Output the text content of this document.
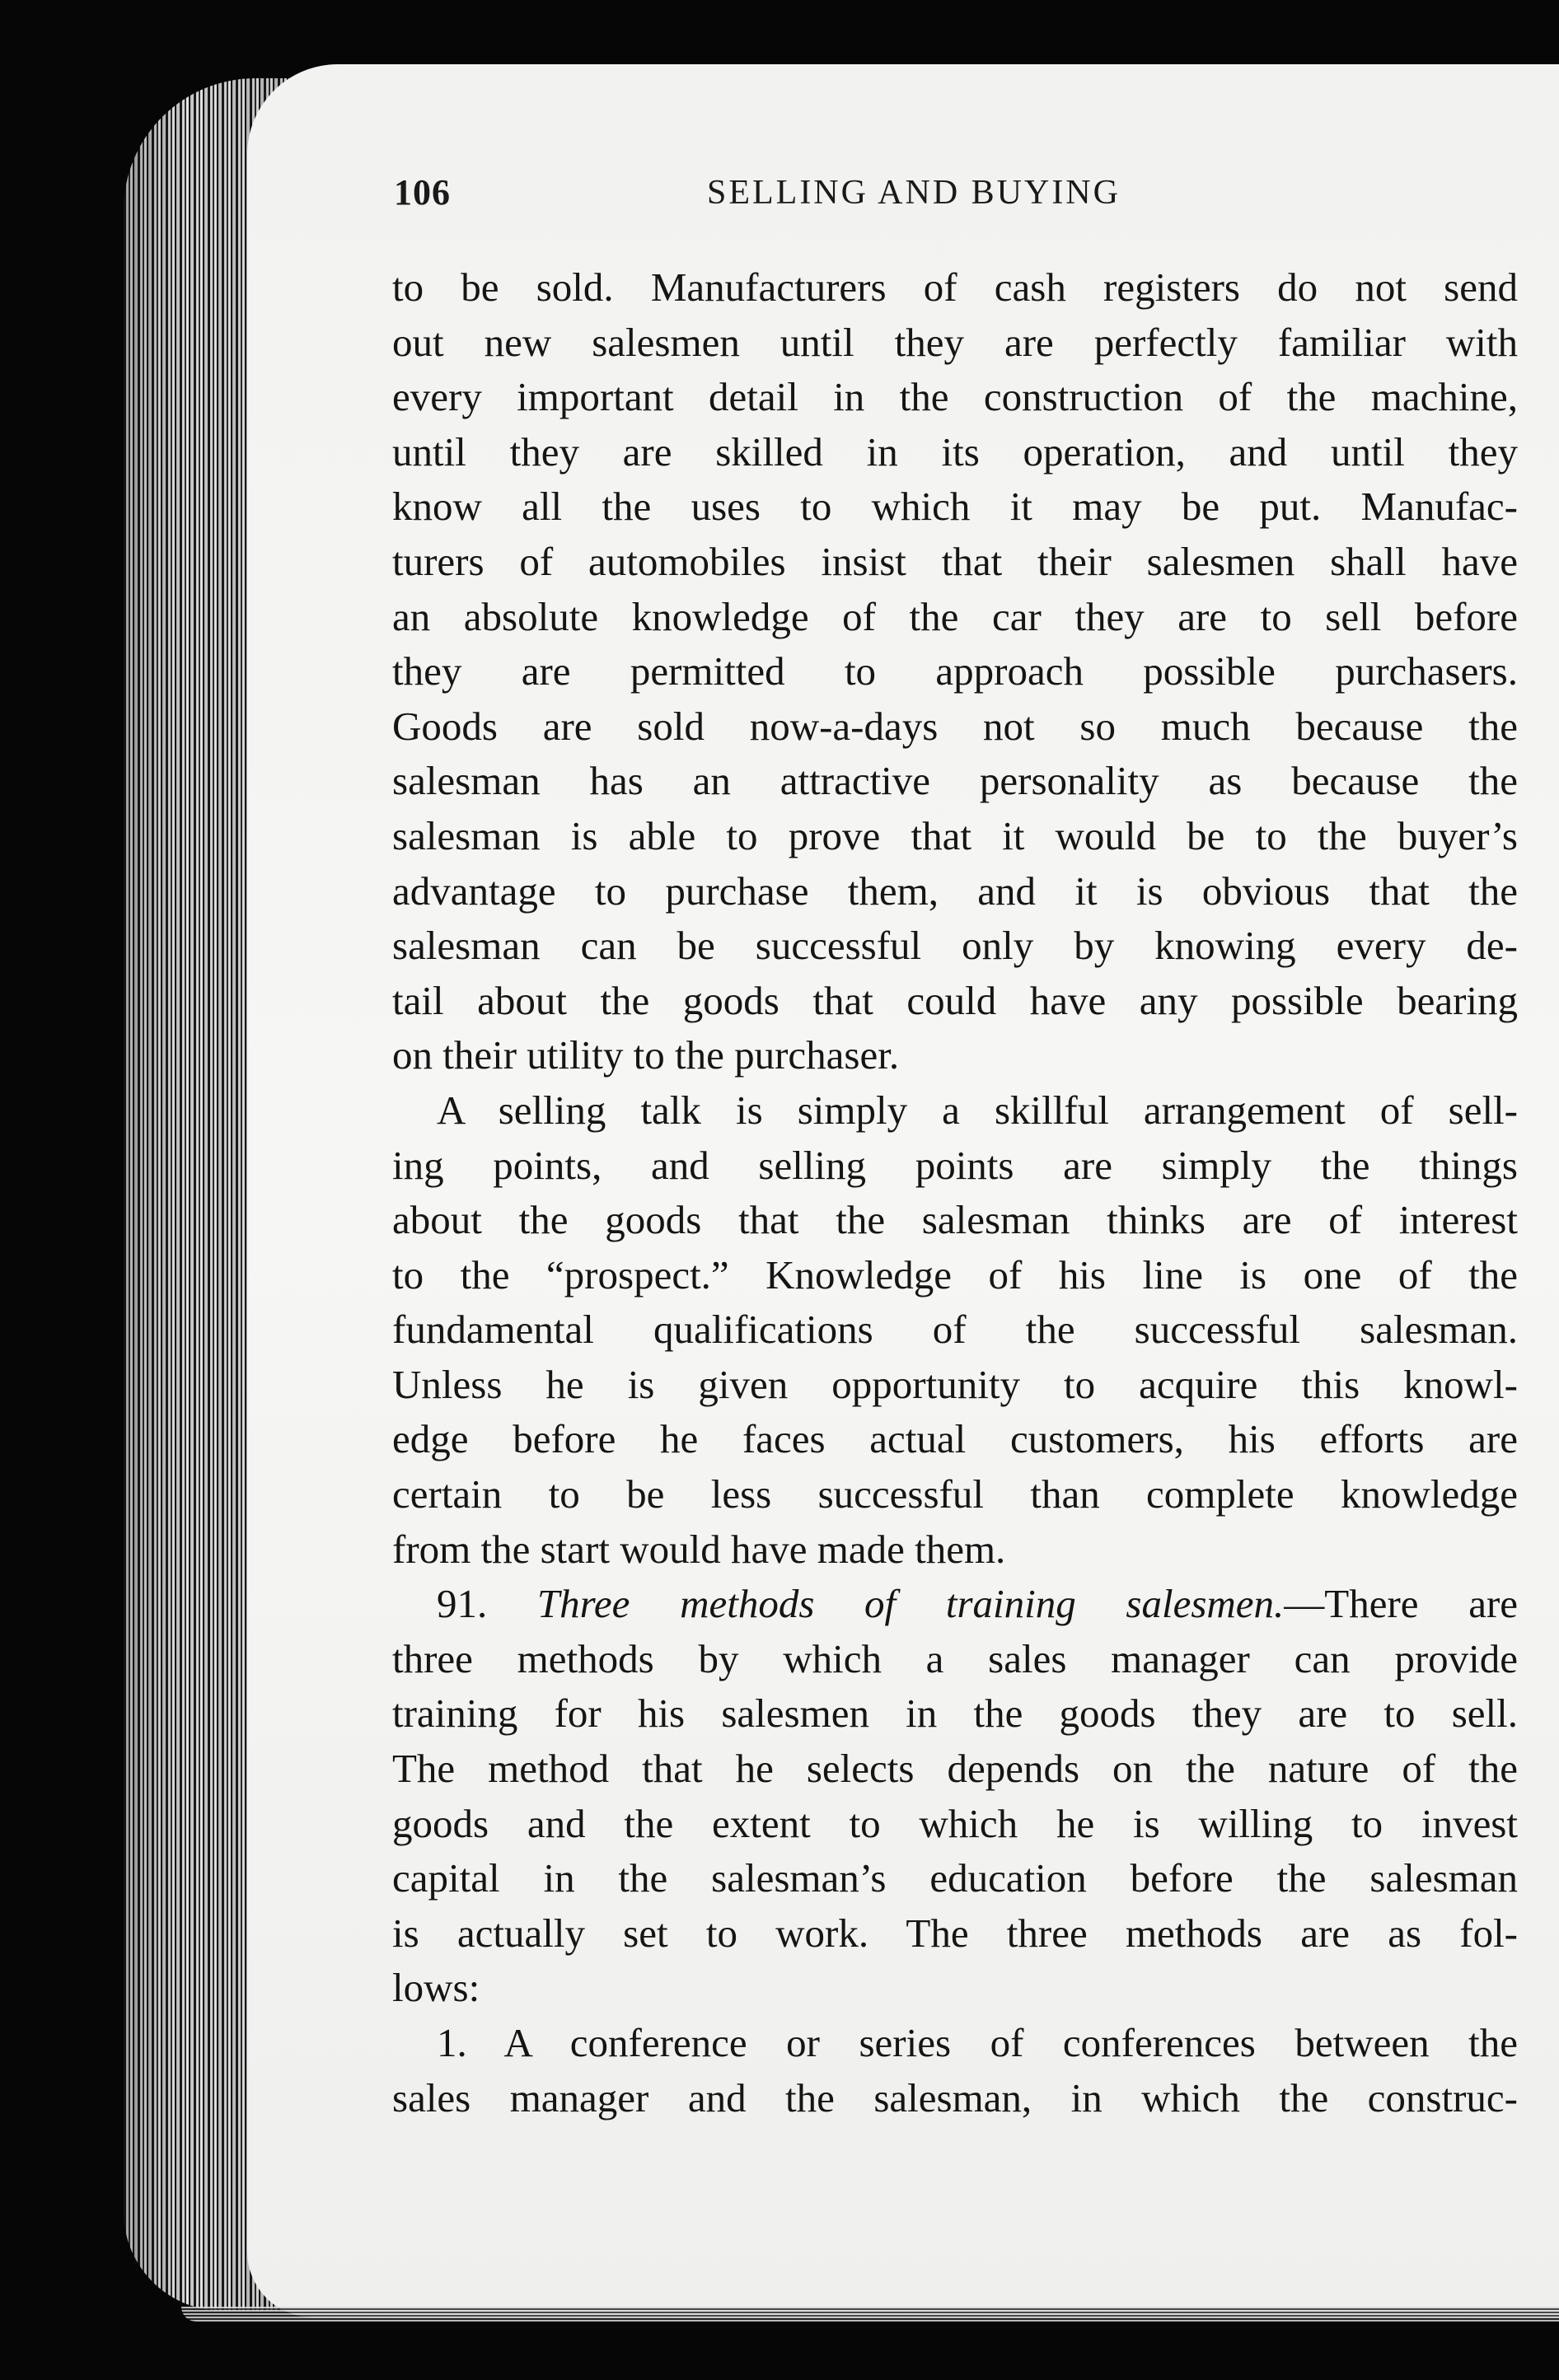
106	SELLING AND BUYING
to be sold. Manufacturers of cash registers do not send
out new salesmen until they are perfectly familiar with
every important detail in the construction of the machine,
until they are skilled in its operation, and until they
know all the uses to which it may be put. Manufac-
turers of automobiles insist that their salesmen shall have
an absolute knowledge of the car they are to sell before
they are permitted to approach possible purchasers.
Goods are sold now-a-days not so much because the
salesman has an attractive personality as because the
salesman is able to prove that it would be to the buyer’s
advantage to purchase them, and it is obvious that the
salesman can be successful only by knowing every de-
tail about the goods that could have any possible bearing
on their utility to the purchaser.
A selling talk is simply a skillful arrangement of sell-
ing points, and selling points are simply the things
about the goods that the salesman thinks are of interest
to the “prospect.” Knowledge of his line is one of the
fundamental qualifications of the successful salesman.
Unless he is given opportunity to acquire this knowl-
edge before he faces actual customers, his efforts are
certain to be less successful than complete knowledge
from the start would have made them.
91. Three methods of training salesmen.—There are
three methods by which a sales manager can provide
training for his salesmen in the goods they are to sell.
The method that he selects depends on the nature of the
goods and the extent to which he is willing to invest
capital in the salesman’s education before the salesman
is actually set to work. The three methods are as fol-
lows:
1. A conference or series of conferences between the
sales manager and the salesman, in which the construc-
